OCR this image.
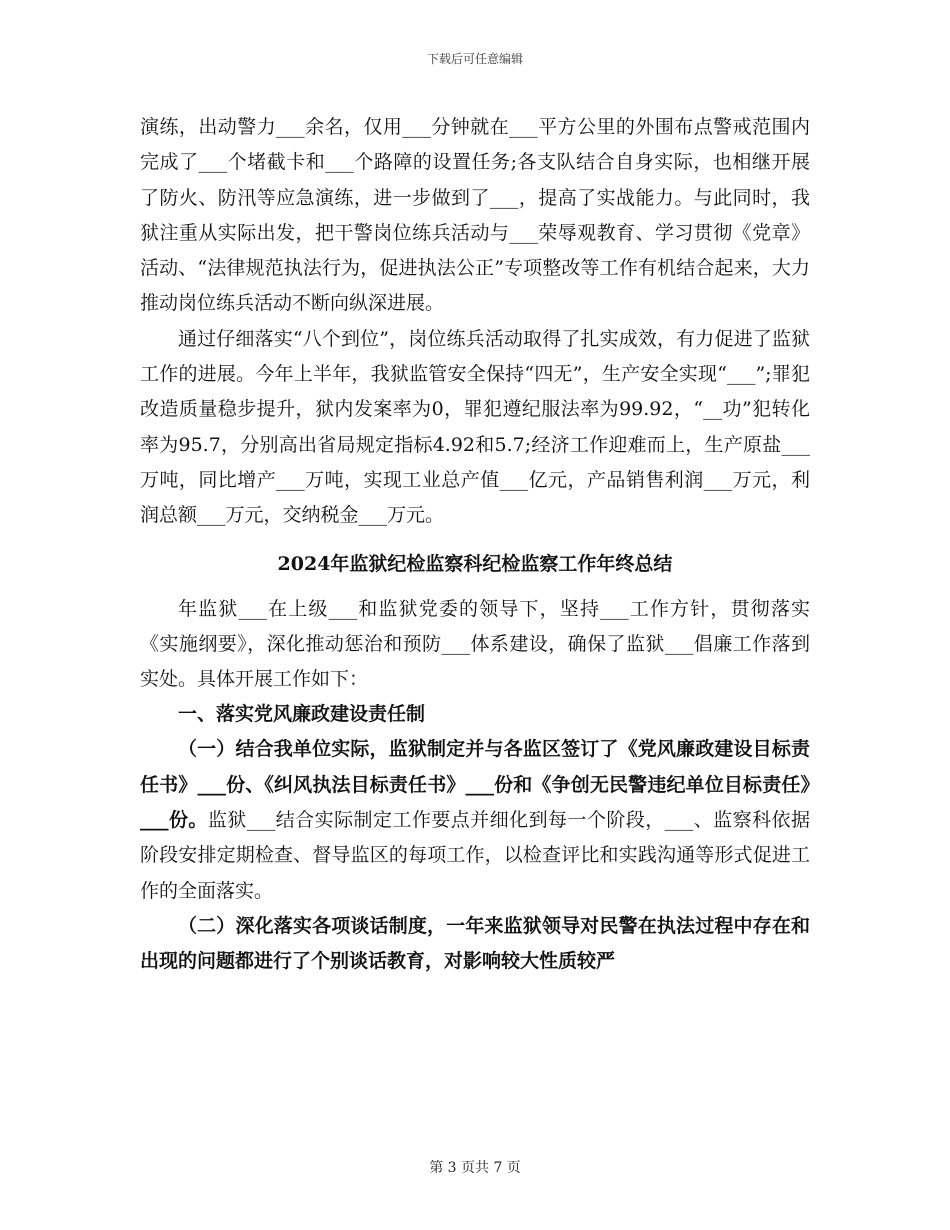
下载后可任意编辑

演练，出动警力___余名，仅用___分钟就在___平方公里的外围布点警戒范围内完成了___个堵截卡和___个路障的设置任务;各支队结合自身实际，也相继开展了防火、防汛等应急演练，进一步做到了___，提高了实战能力。与此同时，我狱注重从实际出发，把干警岗位练兵活动与___荣辱观教育、学习贯彻《党章》活动、“法律规范执法行为，促进执法公正”专项整改等工作有机结合起来，大力推动岗位练兵活动不断向纵深进展。

通过仔细落实“八个到位”，岗位练兵活动取得了扎实成效，有力促进了监狱工作的进展。今年上半年，我狱监管安全保持“四无”，生产安全实现“___”;罪犯改造质量稳步提升，狱内发案率为0，罪犯遵纪服法率为99.92，“__功”犯转化率为95.7，分别高出省局规定指标4.92和5.7;经济工作迎难而上，生产原盐___万吨，同比增产___万吨，实现工业总产值___亿元，产品销售利润___万元，利润总额___万元，交纳税金___万元。

2024年监狱纪检监察科纪检监察工作年终总结

年监狱___在上级___和监狱党委的领导下，坚持___工作方针，贯彻落实《实施纲要》，深化推动惩治和预防___体系建设，确保了监狱___倡廉工作落到实处。具体开展工作如下：

一、落实党风廉政建设责任制

（一）结合我单位实际，监狱制定并与各监区签订了《党风廉政建设目标责任书》___份、《纠风执法目标责任书》___份和《争创无民警违纪单位目标责任》___份。监狱___结合实际制定工作要点并细化到每一个阶段，___、监察科依据阶段安排定期检查、督导监区的每项工作，以检查评比和实践沟通等形式促进工作的全面落实。

（二）深化落实各项谈话制度，一年来监狱领导对民警在执法过程中存在和出现的问题都进行了个别谈话教育，对影响较大性质较严

第 3 页共 7 页
